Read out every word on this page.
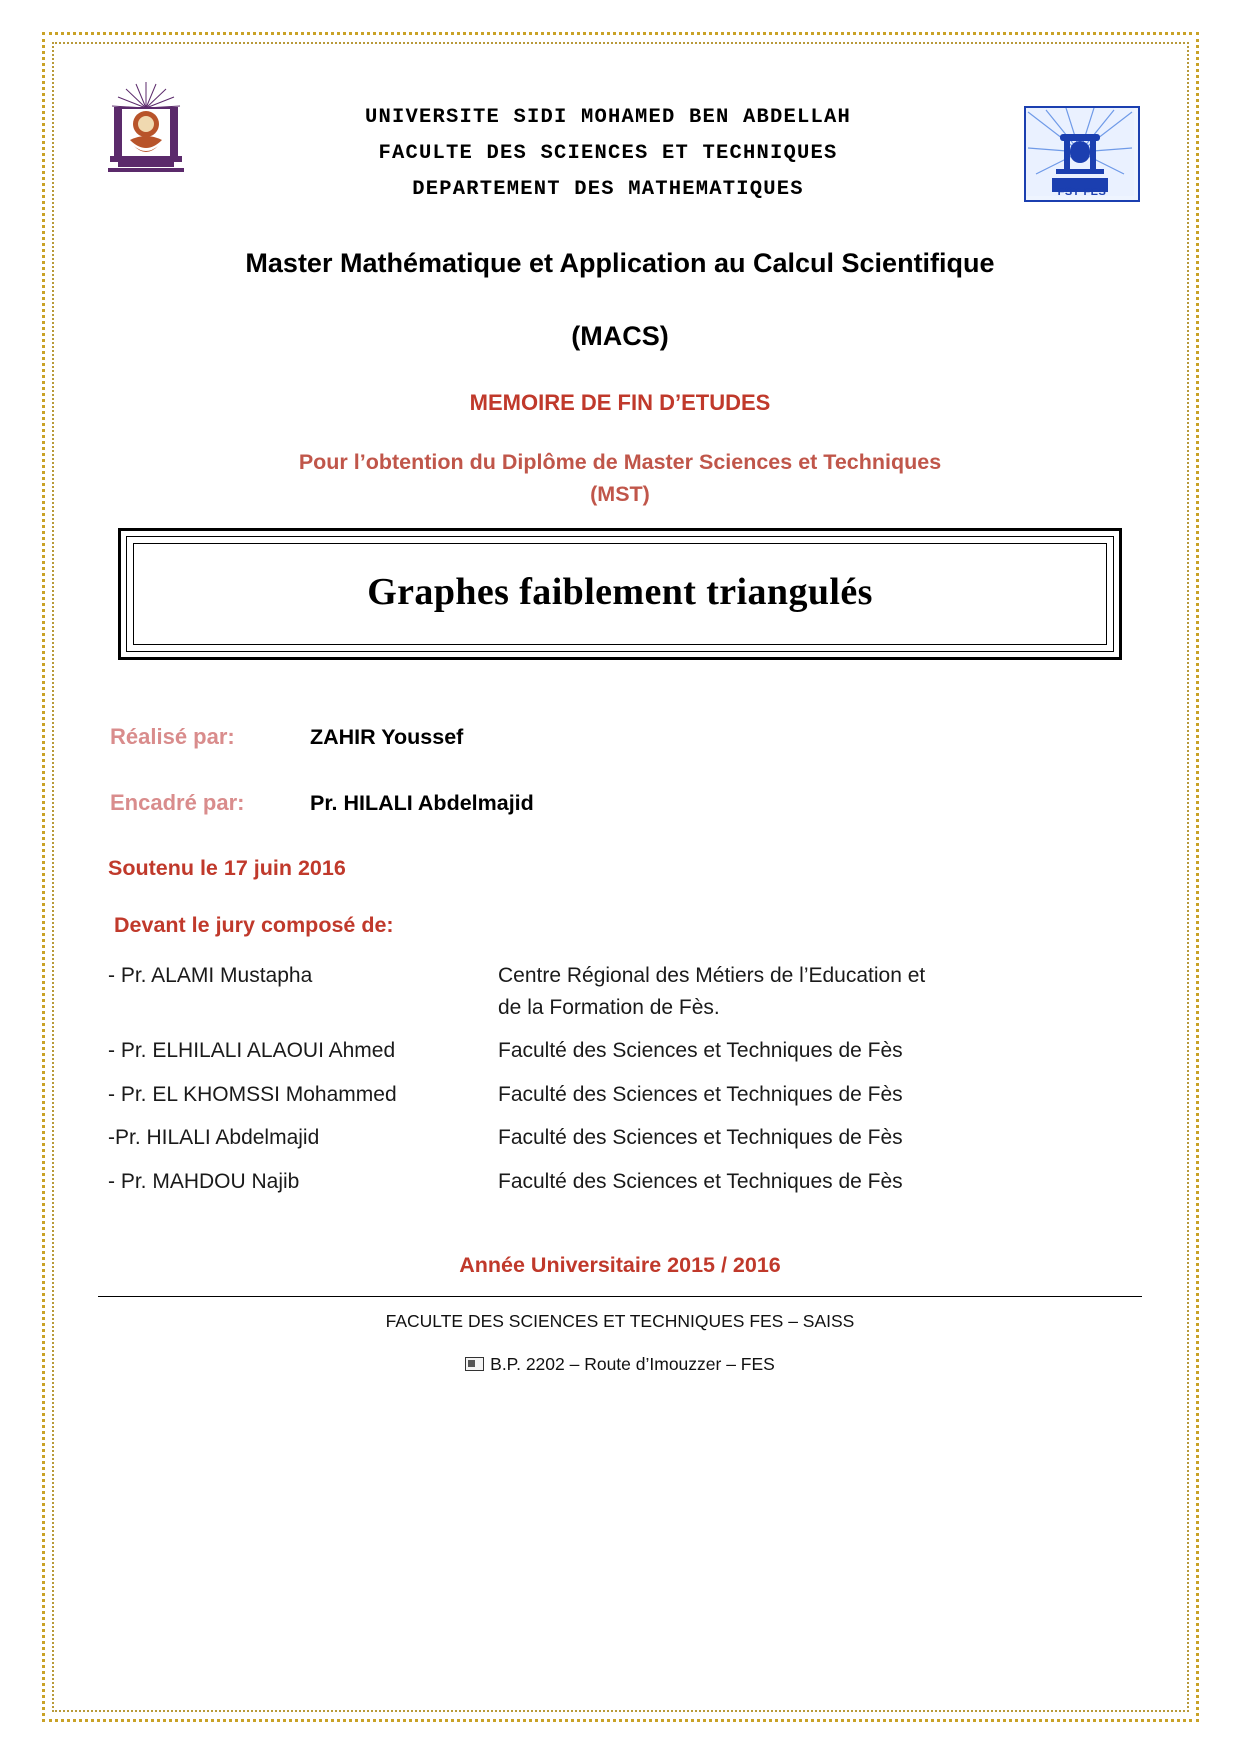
UNIVERSITE SIDI MOHAMED BEN ABDELLAH
FACULTE DES SCIENCES ET TECHNIQUES
DEPARTEMENT DES MATHEMATIQUES	FST FES
Master Mathématique et Application au Calcul Scientifique
(MACS)
MEMOIRE DE FIN D’ETUDES
Pour l’obtention du Diplôme de Master Sciences et Techniques
(MST)
Graphes faiblement triangulés
Réalisé par:	ZAHIR Youssef
Encadré par:	Pr. HILALI Abdelmajid
Soutenu le 17 juin 2016
Devant le jury composé de:
- Pr. ALAMI Mustapha	Centre Régional des Métiers de l’Education et
de la Formation de Fès.
- Pr. ELHILALI ALAOUI Ahmed	Faculté des Sciences et Techniques de Fès
- Pr. EL KHOMSSI Mohammed	Faculté des Sciences et Techniques de Fès
-Pr. HILALI Abdelmajid	Faculté des Sciences et Techniques de Fès
- Pr. MAHDOU Najib	Faculté des Sciences et Techniques de Fès
Année Universitaire 2015 / 2016
FACULTE DES SCIENCES ET TECHNIQUES FES – SAISS
B.P. 2202 – Route d’Imouzzer – FES
